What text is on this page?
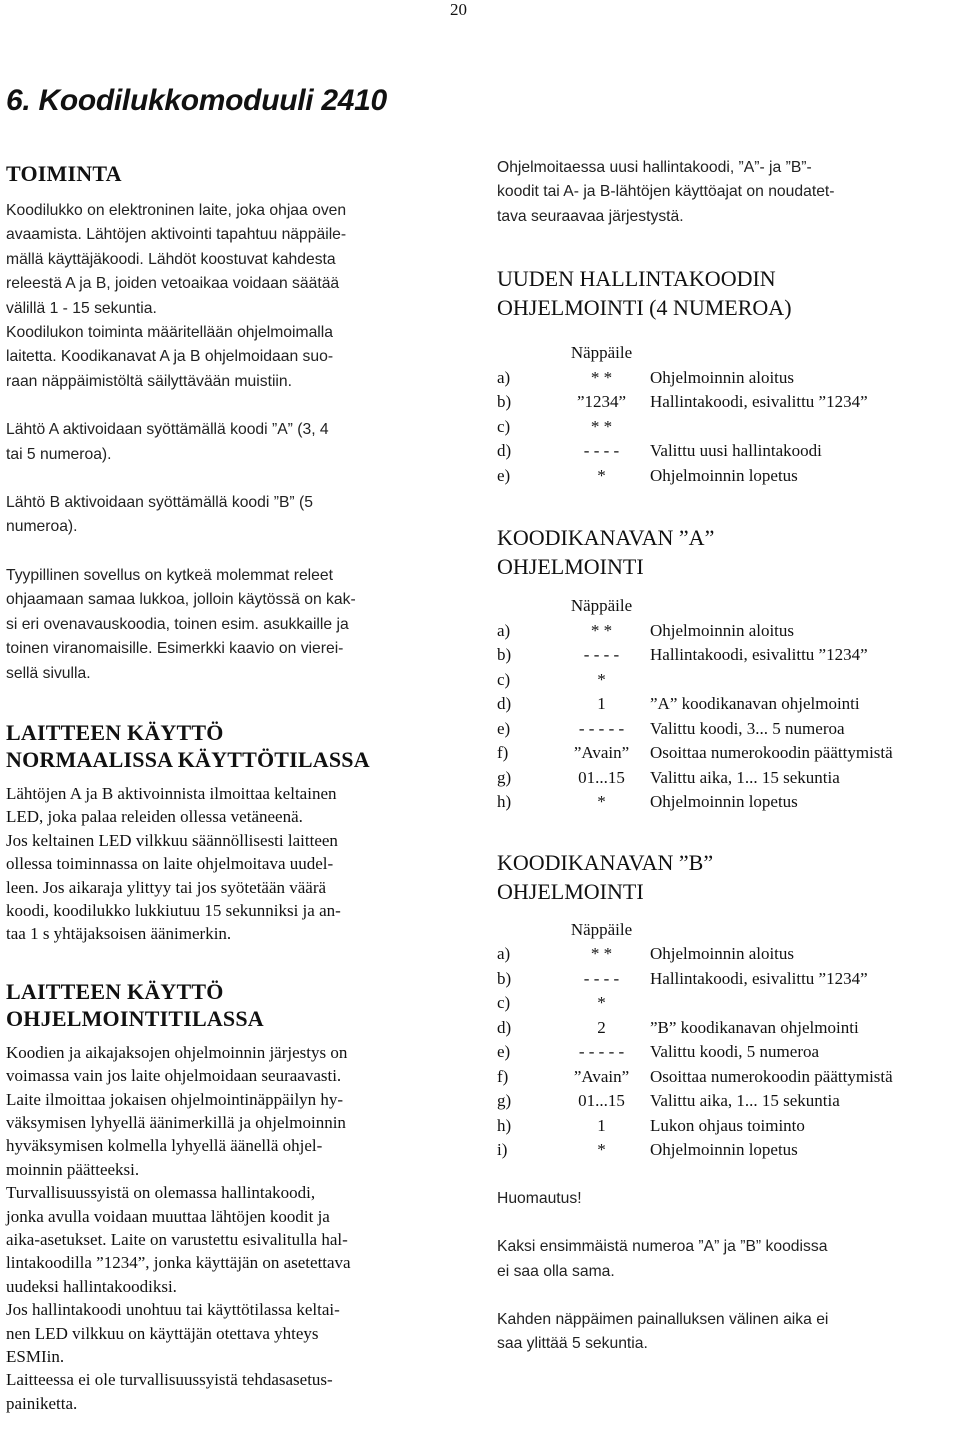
20
6. Koodilukkomoduuli 2410
TOIMINTA
Koodilukko on elektroninen laite, joka ohjaa oven
avaamista. Lähtöjen aktivointi tapahtuu näppäile-
mällä käyttäjäkoodi. Lähdöt koostuvat kahdesta
releestä A ja B, joiden vetoaikaa voidaan säätää
välillä 1 - 15 sekuntia.
Koodilukon toiminta määritellään ohjelmoimalla
laitetta. Koodikanavat A ja B ohjelmoidaan suo-
raan näppäimistöltä säilyttävään muistiin.
Lähtö A aktivoidaan syöttämällä koodi ”A” (3, 4
tai 5 numeroa).
Lähtö B aktivoidaan syöttämällä koodi ”B” (5
numeroa).
Tyypillinen sovellus on kytkeä molemmat releet
ohjaamaan samaa lukkoa, jolloin käytössä on kak-
si eri ovenavauskoodia, toinen esim. asukkaille ja
toinen viranomaisille. Esimerkki kaavio on vierei-
sellä sivulla.
LAITTEEN KÄYTTÖ
NORMAALISSA KÄYTTÖTILASSA
Lähtöjen A ja B aktivoinnista ilmoittaa keltainen
LED, joka palaa releiden ollessa vetäneenä.
Jos keltainen LED vilkkuu säännöllisesti laitteen
ollessa toiminnassa on laite ohjelmoitava uudel-
leen. Jos aikaraja ylittyy tai jos syötetään väärä
koodi, koodilukko lukkiutuu 15 sekunniksi ja an-
taa 1 s yhtäjaksoisen äänimerkin.
LAITTEEN KÄYTTÖ
OHJELMOINTITILASSA
Koodien ja aikajaksojen ohjelmoinnin järjestys on
voimassa vain jos laite ohjelmoidaan seuraavasti.
Laite ilmoittaa jokaisen ohjelmointinäppäilyn hy-
väksymisen lyhyellä äänimerkillä ja ohjelmoinnin
hyväksymisen kolmella lyhyellä äänellä ohjel-
moinnin päätteeksi.
Turvallisuussyistä on olemassa hallintakoodi,
jonka avulla voidaan muuttaa lähtöjen koodit ja
aika-asetukset. Laite on varustettu esivalitulla hal-
lintakoodilla ”1234”, jonka käyttäjän on asetettava
uudeksi hallintakoodiksi.
Jos hallintakoodi unohtuu tai käyttötilassa keltai-
nen LED vilkkuu on käyttäjän otettava yhteys
ESMIin.
Laitteessa ei ole turvallisuussyistä tehdasasetus-
painiketta.
Ohjelmoitaessa uusi hallintakoodi, ”A”- ja ”B”-
koodit tai A- ja B-lähtöjen käyttöajat on noudatet-
tava seuraavaa järjestystä.
UUDEN HALLINTAKOODIN
OHJELMOINTI (4 NUMEROA)
	Näppäile	
a)	* *	Ohjelmoinnin aloitus
b)	”1234”	Hallintakoodi, esivalittu ”1234”
c)	* *	
d)	- - - -	Valittu uusi hallintakoodi
e)	*	Ohjelmoinnin lopetus
KOODIKANAVAN ”A”
OHJELMOINTI
	Näppäile	
a)	* *	Ohjelmoinnin aloitus
b)	- - - -	Hallintakoodi, esivalittu ”1234”
c)	*	
d)	1	”A” koodikanavan ohjelmointi
e)	- - - - -	Valittu koodi, 3... 5 numeroa
f)	”Avain”	Osoittaa numerokoodin päättymistä
g)	01...15	Valittu aika, 1... 15 sekuntia
h)	*	Ohjelmoinnin lopetus
KOODIKANAVAN ”B”
OHJELMOINTI
	Näppäile	
a)	* *	Ohjelmoinnin aloitus
b)	- - - -	Hallintakoodi, esivalittu ”1234”
c)	*	
d)	2	”B” koodikanavan ohjelmointi
e)	- - - - -	Valittu koodi, 5 numeroa
f)	”Avain”	Osoittaa numerokoodin päättymistä
g)	01...15	Valittu aika, 1... 15 sekuntia
h)	1	Lukon ohjaus toiminto
i)	*	Ohjelmoinnin lopetus
Huomautus!
Kaksi ensimmäistä numeroa ”A” ja ”B” koodissa
ei saa olla sama.
Kahden näppäimen painalluksen välinen aika ei
saa ylittää 5 sekuntia.
